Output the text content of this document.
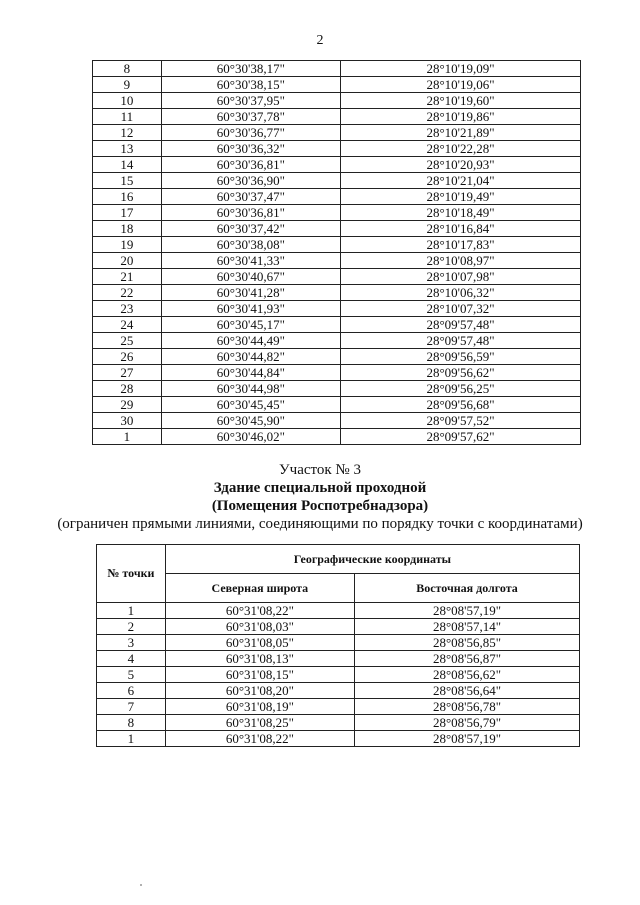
2
8	60°30'38,17"	28°10'19,09"
9	60°30'38,15"	28°10'19,06"
10	60°30'37,95"	28°10'19,60"
11	60°30'37,78"	28°10'19,86"
12	60°30'36,77"	28°10'21,89"
13	60°30'36,32"	28°10'22,28"
14	60°30'36,81"	28°10'20,93"
15	60°30'36,90"	28°10'21,04"
16	60°30'37,47"	28°10'19,49"
17	60°30'36,81"	28°10'18,49"
18	60°30'37,42"	28°10'16,84"
19	60°30'38,08"	28°10'17,83"
20	60°30'41,33"	28°10'08,97"
21	60°30'40,67"	28°10'07,98"
22	60°30'41,28"	28°10'06,32"
23	60°30'41,93"	28°10'07,32"
24	60°30'45,17"	28°09'57,48"
25	60°30'44,49"	28°09'57,48"
26	60°30'44,82"	28°09'56,59"
27	60°30'44,84"	28°09'56,62"
28	60°30'44,98"	28°09'56,25"
29	60°30'45,45"	28°09'56,68"
30	60°30'45,90"	28°09'57,52"
1	60°30'46,02"	28°09'57,62"
Участок № 3
Здание специальной проходной
(Помещения Роспотребнадзора)
(ограничен прямыми линиями, соединяющими по порядку точки с координатами)
№ точки	Географические координаты	
	Северная широта	Восточная долгота
1	60°31'08,22"	28°08'57,19"
2	60°31'08,03"	28°08'57,14"
3	60°31'08,05"	28°08'56,85"
4	60°31'08,13"	28°08'56,87"
5	60°31'08,15"	28°08'56,62"
6	60°31'08,20"	28°08'56,64"
7	60°31'08,19"	28°08'56,78"
8	60°31'08,25"	28°08'56,79"
1	60°31'08,22"	28°08'57,19"
